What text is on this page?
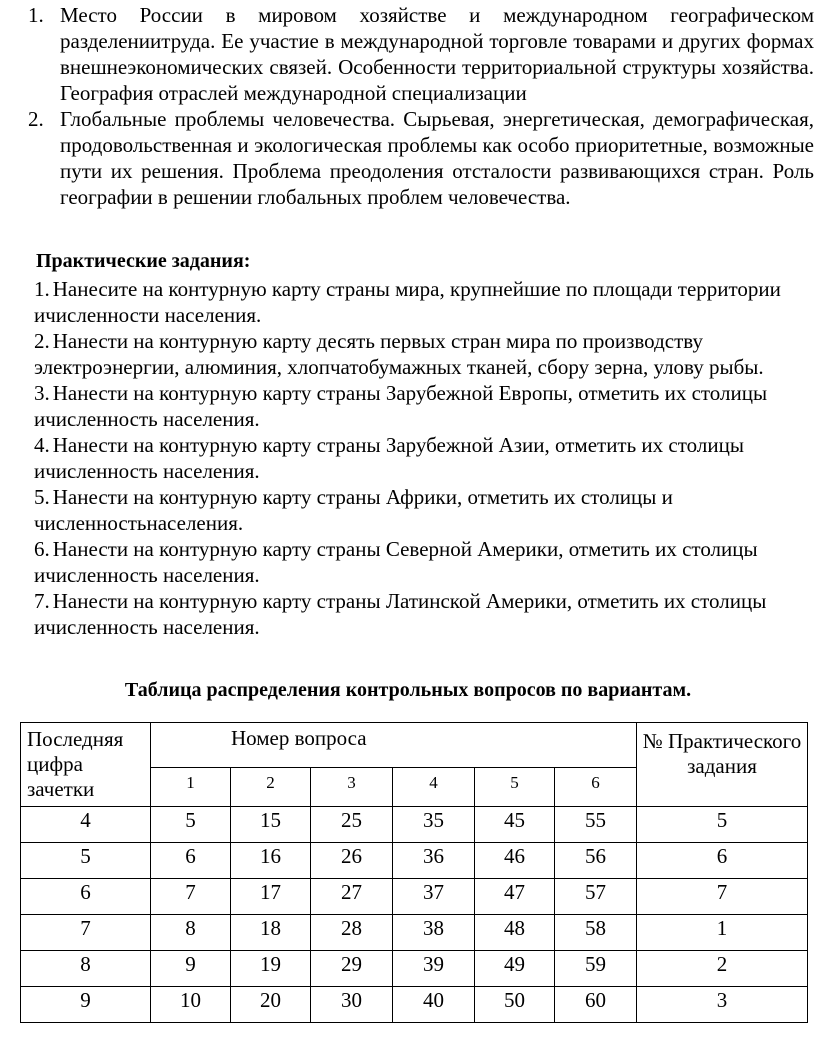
1. Место России в мировом хозяйстве и международном географическом разделениитруда. Ее участие в международной торговле товарами и других формах внешнеэкономических связей. Особенности территориальной структуры хозяйства. География отраслей международной специализации
2. Глобальные проблемы человечества. Сырьевая, энергетическая, демографическая, продовольственная и экологическая проблемы как особо приоритетные, возможные пути их решения. Проблема преодоления отсталости развивающихся стран. Роль географии в решении глобальных проблем человечества.
Практические задания:
1. Нанесите на контурную карту страны мира, крупнейшие по площади территории ичисленности населения.
2. Нанести на контурную карту десять первых стран мира по производству электроэнергии, алюминия, хлопчатобумажных тканей, сбору зерна, улову рыбы.
3. Нанести на контурную карту страны Зарубежной Европы, отметить их столицы ичисленность населения.
4. Нанести на контурную карту страны Зарубежной Азии, отметить их столицы ичисленность населения.
5. Нанести на контурную карту страны Африки, отметить их столицы и численностьнаселения.
6. Нанести на контурную карту страны Северной Америки, отметить их столицы ичисленность населения.
7. Нанести на контурную карту страны Латинской Америки, отметить их столицы ичисленность населения.
Таблица распределения контрольных вопросов по вариантам.
Последняя цифра зачетки	Номер вопроса						№ Практического задания
	1	2	3	4	5	6	
4	5	15	25	35	45	55	5
5	6	16	26	36	46	56	6
6	7	17	27	37	47	57	7
7	8	18	28	38	48	58	1
8	9	19	29	39	49	59	2
9	10	20	30	40	50	60	3
